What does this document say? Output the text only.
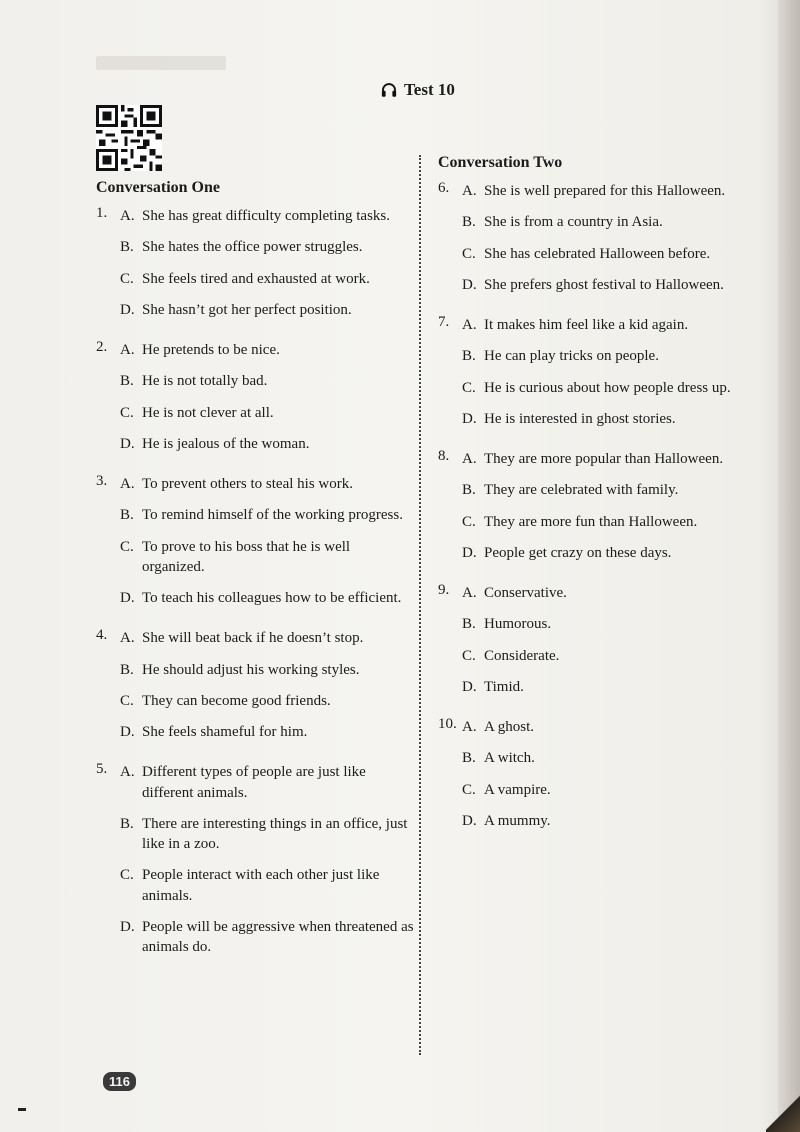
Test 10
Conversation One
1. A. She has great difficulty completing tasks.
B. She hates the office power struggles.
C. She feels tired and exhausted at work.
D. She hasn’t got her perfect position.
2. A. He pretends to be nice.
B. He is not totally bad.
C. He is not clever at all.
D. He is jealous of the woman.
3. A. To prevent others to steal his work.
B. To remind himself of the working progress.
C. To prove to his boss that he is well organized.
D. To teach his colleagues how to be efficient.
4. A. She will beat back if he doesn’t stop.
B. He should adjust his working styles.
C. They can become good friends.
D. She feels shameful for him.
5. A. Different types of people are just like different animals.
B. There are interesting things in an office, just like in a zoo.
C. People interact with each other just like animals.
D. People will be aggressive when threatened as animals do.
Conversation Two
6. A. She is well prepared for this Halloween.
B. She is from a country in Asia.
C. She has celebrated Halloween before.
D. She prefers ghost festival to Halloween.
7. A. It makes him feel like a kid again.
B. He can play tricks on people.
C. He is curious about how people dress up.
D. He is interested in ghost stories.
8. A. They are more popular than Halloween.
B. They are celebrated with family.
C. They are more fun than Halloween.
D. People get crazy on these days.
9. A. Conservative.
B. Humorous.
C. Considerate.
D. Timid.
10. A. A ghost.
B. A witch.
C. A vampire.
D. A mummy.
116
